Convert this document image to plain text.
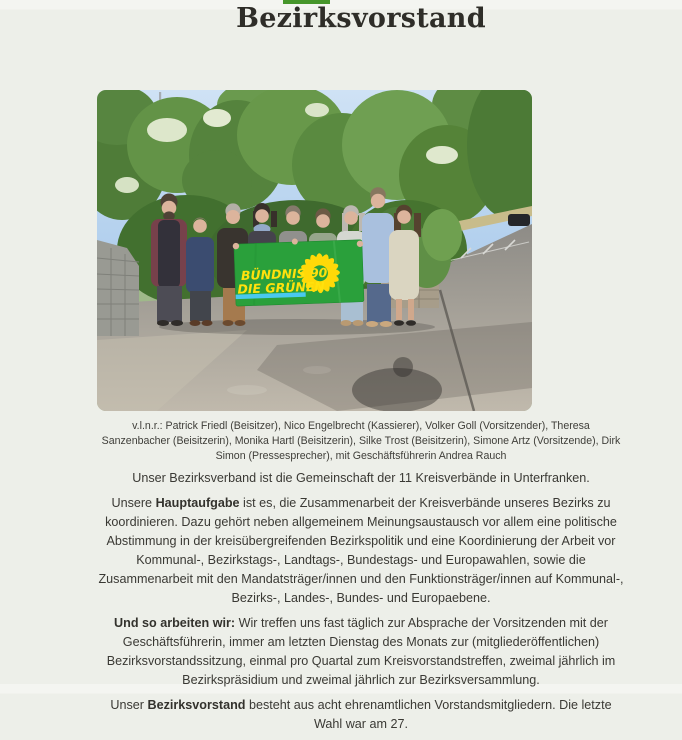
Bezirksvorstand
BÜNDNIS 90
DIE GRÜNEN

v.l.n.r.: Patrick Friedl (Beisitzer), Nico Engelbrecht (Kassierer), Volker Goll (Vorsitzender), Theresa Sanzenbacher (Beisitzerin), Monika Hartl (Beisitzerin), Silke Trost (Beisitzerin), Simone Artz (Vorsitzende), Dirk Simon (Pressesprecher), mit Geschäftsführerin Andrea Rauch

Unser Bezirksverband ist die Gemeinschaft der 11 Kreisverbände in Unterfranken.

Unsere Hauptaufgabe ist es, die Zusammenarbeit der Kreisverbände unseres Bezirks zu koordinieren. Dazu gehört neben allgemeinem Meinungsaustausch vor allem eine politische Abstimmung in der kreisübergreifenden Bezirkspolitik und eine Koordinierung der Arbeit vor Kommunal-, Bezirkstags-, Landtags-, Bundestags- und Europawahlen, sowie die Zusammenarbeit mit den Mandatsträger/innen und den Funktionsträger/innen auf Kommunal-, Bezirks-, Landes-, Bundes- und Europaebene.

Und so arbeiten wir: Wir treffen uns fast täglich zur Absprache der Vorsitzenden mit der Geschäftsführerin, immer am letzten Dienstag des Monats zur (mitgliederöffentlichen) Bezirksvorstandssitzung, einmal pro Quartal zum Kreisvorstandstreffen, zweimal jährlich im Bezirkspräsidium und zweimal jährlich zur Bezirksversammlung.

Unser Bezirksvorstand besteht aus acht ehrenamtlichen Vorstandsmitgliedern. Die letzte Wahl war am 27.
